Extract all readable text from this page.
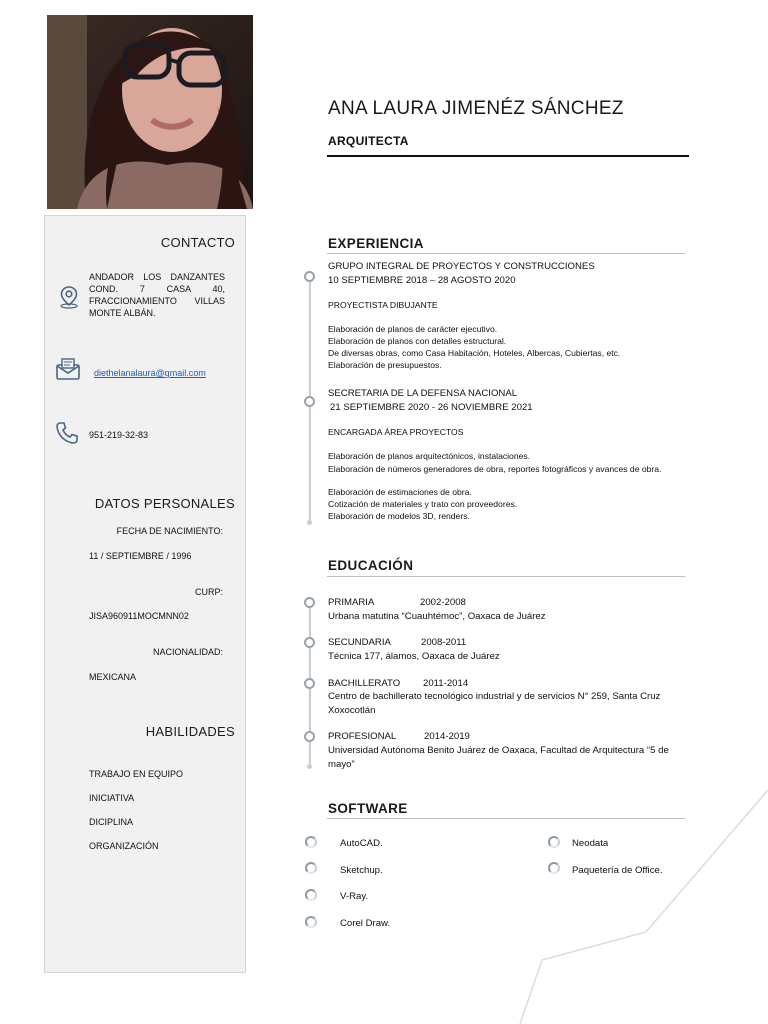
CONTACTO
ANDADOR LOS DANZANTES COND. 7 CASA 40, FRACCIONAMIENTO VILLAS MONTE ALBÁN.
diethelanalaura@gmail.com
951-219-32-83
DATOS PERSONALES
FECHA DE NACIMIENTO:
11 / SEPTIEMBRE / 1996
CURP:
JISA960911MOCMNN02
NACIONALIDAD:
MEXICANA
HABILIDADES
TRABAJO EN EQUIPO
INICIATIVA
DICIPLINA
ORGANIZACIÓN
ANA LAURA JIMENÉZ SÁNCHEZ
ARQUITECTA
EXPERIENCIA
GRUPO INTEGRAL DE PROYECTOS Y CONSTRUCCIONES
10 SEPTIEMBRE 2018 – 28 AGOSTO 2020
PROYECTISTA DIBUJANTE
Elaboración de planos de carácter ejecutivo.
Elaboración de planos con detalles estructural.
De diversas obras, como Casa Habitación, Hoteles, Albercas, Cubiertas, etc.
Elaboración de presupuestos.
SECRETARIA DE LA DEFENSA NACIONAL
21 SEPTIEMBRE 2020 - 26 NOVIEMBRE 2021
ENCARGADA ÁREA PROYECTOS
Elaboración de planos arquitectónicos, instalaciones.
Elaboración de números generadores de obra, reportes fotográficos y avances de obra.
Elaboración de estimaciones de obra.
Cotización de materiales y trato con proveedores.
Elaboración de modelos 3D, renders.
EDUCACIÓN
PRIMARIA	2002-2008
Urbana matutina “Cuauhtémoc”, Oaxaca de Juárez
SECUNDARIA	2008-2011
Técnica 177, álamos, Oaxaca de Juárez
BACHILLERATO 2011-2014
Centro de bachillerato tecnológico industrial y de servicios N° 259, Santa Cruz Xoxocotlán
PROFESIONAL	2014-2019
Universidad Autónoma Benito Juárez de Oaxaca, Facultad de Arquitectura “5 de mayo”
SOFTWARE
AutoCAD.
Sketchup.
V-Ray.
Corel Draw.
Neodata
Paquetería de Office.
